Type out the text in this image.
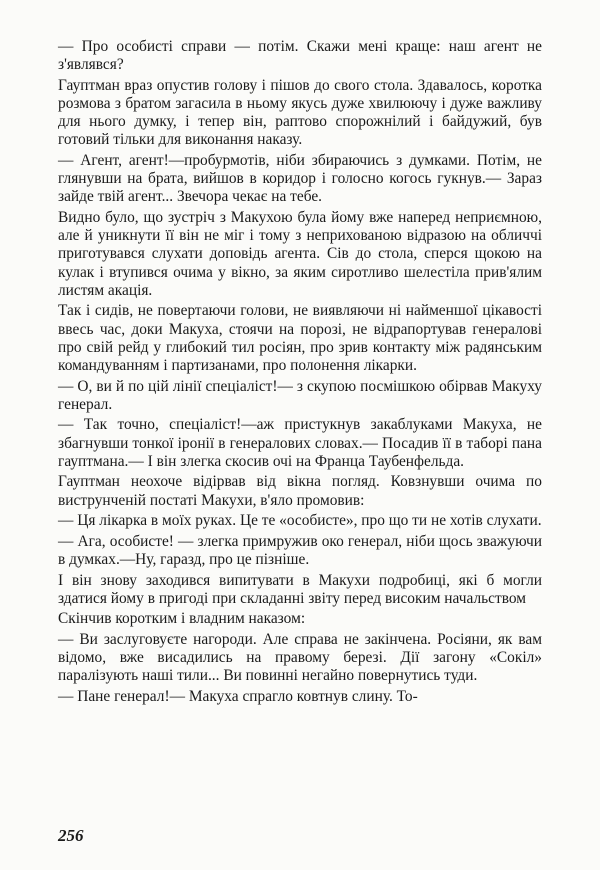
— Про особисті справи — потім. Скажи мені краще: наш агент не з'являвся?

Гауптман враз опустив голову і пішов до свого стола. Здавалось, коротка розмова з братом загасила в ньому якусь дуже хвилюючу і дуже важливу для нього думку, і тепер він, раптово спорожнілий і байдужий, був готовий тільки для виконання наказу.

— Агент, агент!—пробурмотів, ніби збираючись з думками. Потім, не глянувши на брата, вийшов в коридор і голосно когось гукнув.— Зараз зайде твій агент... Звечора чекає на тебе.

Видно було, що зустріч з Макухою була йому вже наперед неприємною, але й уникнути її він не міг і тому з неприхованою відразою на обличчі приготувався слухати доповідь агента. Сів до стола, сперся щокою на кулак і втупився очима у вікно, за яким сиротливо шелестіла прив'ялим листям акація.

Так і сидів, не повертаючи голови, не виявляючи ні найменшої цікавості ввесь час, доки Макуха, стоячи на порозі, не відрапортував генералові про свій рейд у глибокий тил росіян, про зрив контакту між радянським командуванням і партизанами, про полонення лікарки.

— О, ви й по цій лінії спеціаліст!— з скупою посмішкою обірвав Макуху генерал.

— Так точно, спеціаліст!—аж пристукнув закаблуками Макуха, не збагнувши тонкої іронії в генералових словах.— Посадив її в таборі пана гауптмана.— І він злегка скосив очі на Франца Таубенфельда.

Гауптман неохоче відірвав від вікна погляд. Ковзнувши очима по виструнченій постаті Макухи, в'яло промовив:

— Ця лікарка в моїх руках. Це те «особисте», про що ти не хотів слухати.

— Ага, особисте! — злегка примружив око генерал, ніби щось зважуючи в думках.—Ну, гаразд, про це пізніше.

І він знову заходився випитувати в Макухи подробиці, які б могли здатися йому в пригоді при складанні звіту перед високим начальством

Скінчив коротким і владним наказом:

— Ви заслуговуєте нагороди. Але справа не закінчена. Росіяни, як вам відомо, вже висадились на правому березі. Дії загону «Сокіл» паралізують наші тили... Ви повинні негайно повернутись туди.

— Пане генерал!— Макуха спрагло ковтнув слину. То-

256
